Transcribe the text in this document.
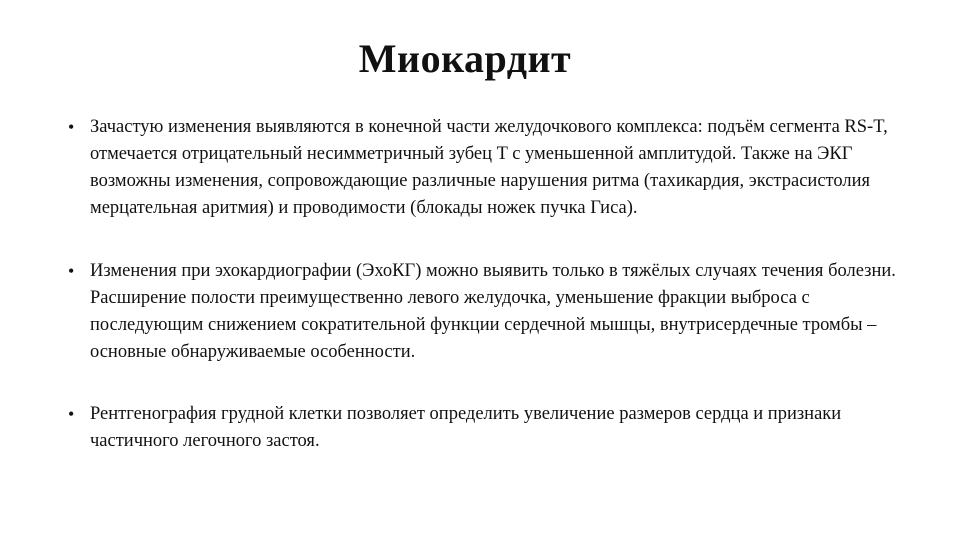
Миокардит
• Зачастую изменения выявляются в конечной части желудочкового комплекса: подъём сегмента RS-T, отмечается отрицательный несимметричный зубец T с уменьшенной амплитудой. Также на ЭКГ возможны изменения, сопровождающие различные нарушения ритма (тахикардия, экстрасистолия мерцательная аритмия) и проводимости (блокады ножек пучка Гиса).
• Изменения при эхокардиографии (ЭхоКГ) можно выявить только в тяжёлых случаях течения болезни. Расширение полости преимущественно левого желудочка, уменьшение фракции выброса с последующим снижением сократительной функции сердечной мышцы, внутрисердечные тромбы – основные обнаруживаемые особенности.
• Рентгенография грудной клетки позволяет определить увеличение размеров сердца и признаки частичного легочного застоя.
